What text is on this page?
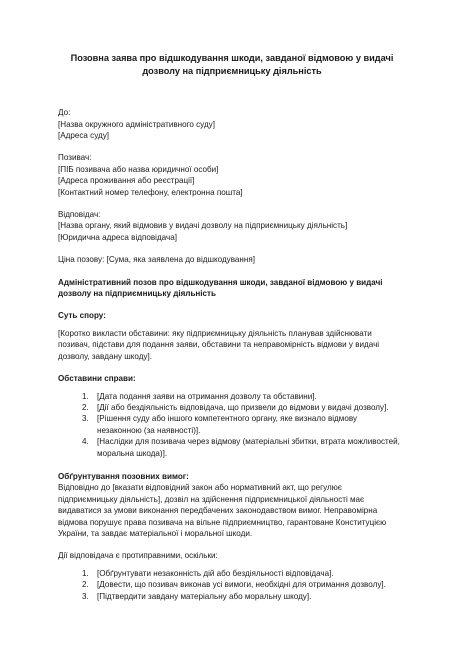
Позовна заява про відшкодування шкоди, завданої відмовою у видачі
дозволу на підприємницьку діяльність
До:
[Назва окружного адміністративного суду]
[Адреса суду]
Позивач:
[ПІБ позивача або назва юридичної особи]
[Адреса проживання або реєстрації]
[Контактний номер телефону, електронна пошта]
Відповідач:
[Назва органу, який відмовив у видачі дозволу на підприємницьку діяльність]
[Юридична адреса відповідача]
Ціна позову: [Сума, яка заявлена до відшкодування]
Адміністративний позов про відшкодування шкоди, завданої відмовою у видачі
дозволу на підприємницьку діяльність
Суть спору:
[Коротко викласти обставини: яку підприємницьку діяльність планував здійснювати
позивач, підстави для подання заяви, обставини та неправомірність відмови у видачі
дозволу, завдану шкоду].
Обставини справи:
1. [Дата подання заяви на отримання дозволу та обставини].
2. [Дії або бездіяльність відповідача, що призвели до відмови у видачі дозволу].
3. [Рішення суду або іншого компетентного органу, яке визнало відмову
незаконною (за наявності)].
4. [Наслідки для позивача через відмову (матеріальні збитки, втрата можливостей,
моральна шкода)].
Обґрунтування позовних вимог:
Відповідно до [вказати відповідний закон або нормативний акт, що регулює
підприємницьку діяльність], дозвіл на здійснення підприємницької діяльності має
видаватися за умови виконання передбачених законодавством вимог. Неправомірна
відмова порушує права позивача на вільне підприємництво, гарантоване Конституцією
України, та завдає матеріальної і моральної шкоди.
Дії відповідача є протиправними, оскільки:
1. [Обґрунтувати незаконність дій або бездіяльності відповідача].
2. [Довести, що позивач виконав усі вимоги, необхідні для отримання дозволу].
3. [Підтвердити завдану матеріальну або моральну шкоду].
